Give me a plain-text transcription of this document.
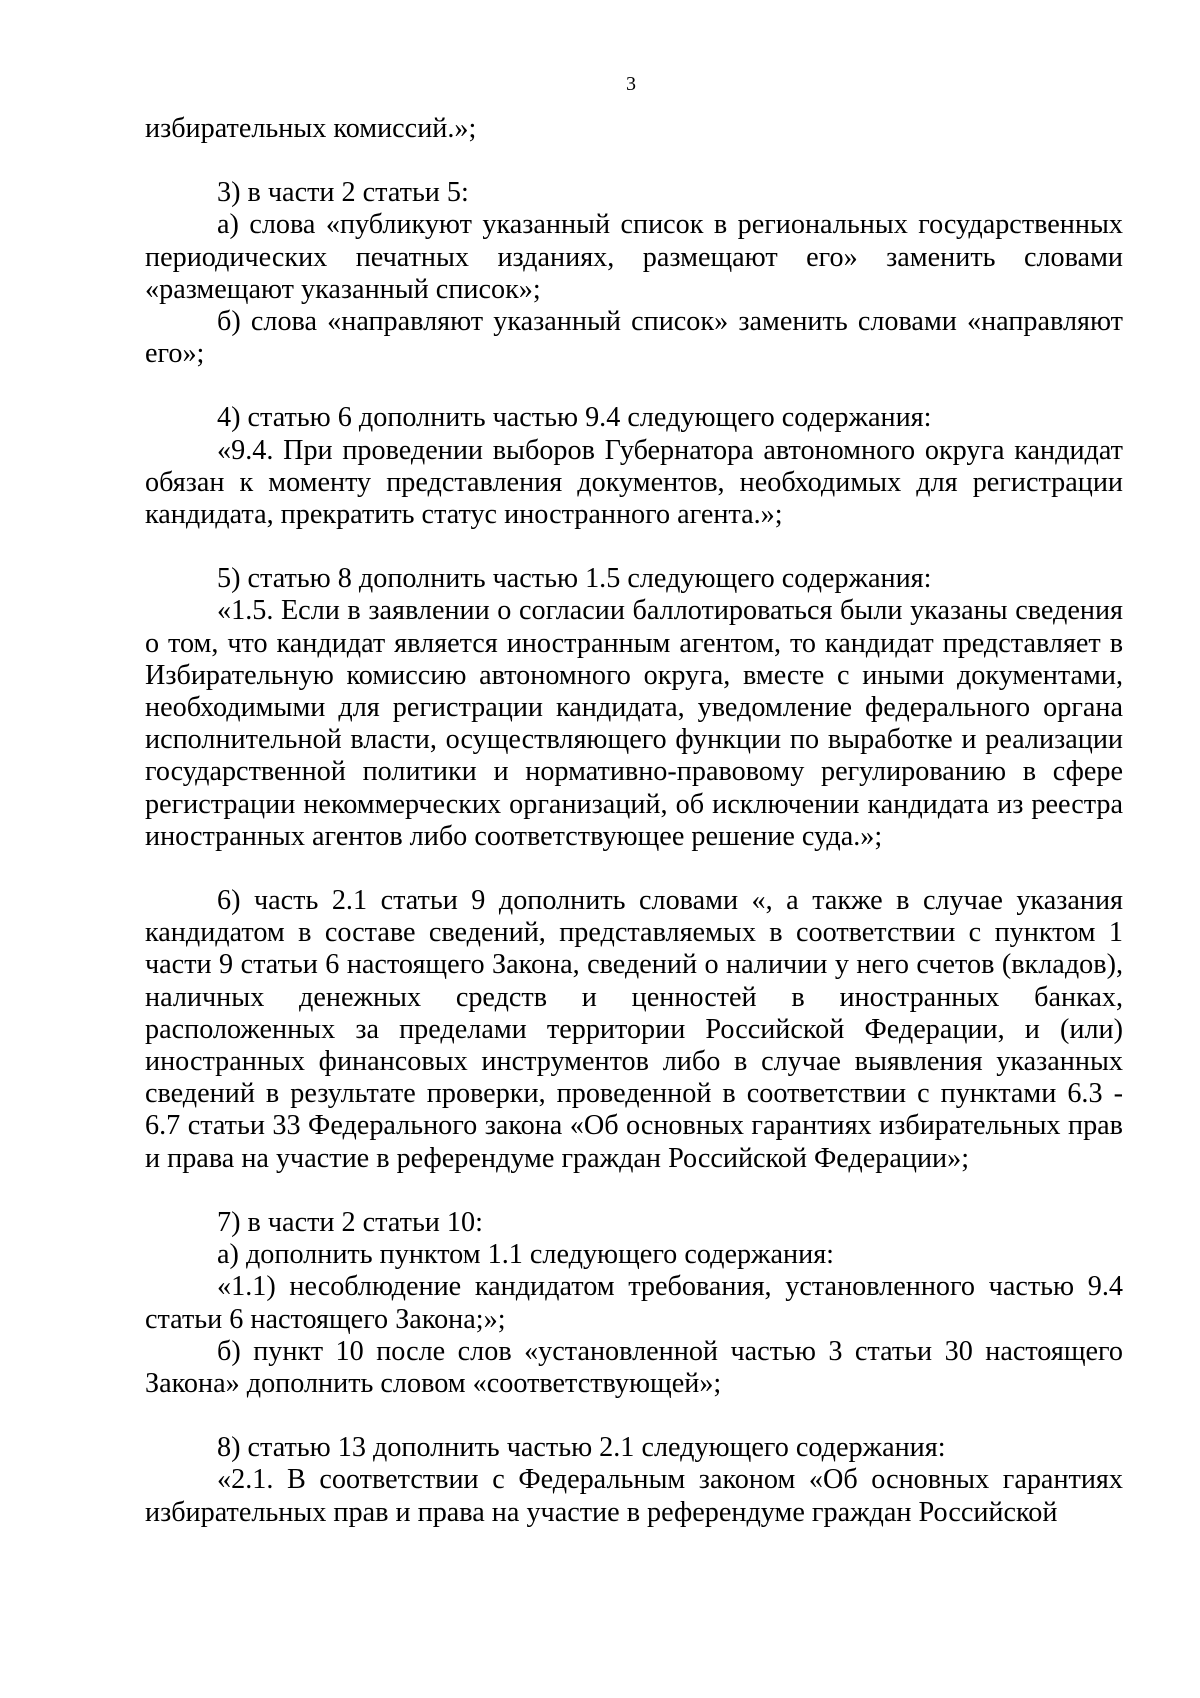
3

избирательных комиссий.»;

3) в части 2 статьи 5:

а) слова «публикуют указанный список в региональных государственных периодических печатных изданиях, размещают его» заменить словами «размещают указанный список»;

б) слова «направляют указанный список» заменить словами «направляют его»;

4) статью 6 дополнить частью 9.4 следующего содержания:

«9.4. При проведении выборов Губернатора автономного округа кандидат обязан к моменту представления документов, необходимых для регистрации кандидата, прекратить статус иностранного агента.»;

5) статью 8 дополнить частью 1.5 следующего содержания:

«1.5. Если в заявлении о согласии баллотироваться были указаны сведения о том, что кандидат является иностранным агентом, то кандидат представляет в Избирательную комиссию автономного округа, вместе с иными документами, необходимыми для регистрации кандидата, уведомление федерального органа исполнительной власти, осуществляющего функции по выработке и реализации государственной политики и нормативно-правовому регулированию в сфере регистрации некоммерческих организаций, об исключении кандидата из реестра иностранных агентов либо соответствующее решение суда.»;

6) часть 2.1 статьи 9 дополнить словами «, а также в случае указания кандидатом в составе сведений, представляемых в соответствии с пунктом 1 части 9 статьи 6 настоящего Закона, сведений о наличии у него счетов (вкладов), наличных денежных средств и ценностей в иностранных банках, расположенных за пределами территории Российской Федерации, и (или) иностранных финансовых инструментов либо в случае выявления указанных сведений в результате проверки, проведенной в соответствии с пунктами 6.3 - 6.7 статьи 33 Федерального закона «Об основных гарантиях избирательных прав и права на участие в референдуме граждан Российской Федерации»;

7) в части 2 статьи 10:

а) дополнить пунктом 1.1 следующего содержания:

«1.1) несоблюдение кандидатом требования, установленного частью 9.4 статьи 6 настоящего Закона;»;

б) пункт 10 после слов «установленной частью 3 статьи 30 настоящего Закона» дополнить словом «соответствующей»;

8) статью 13 дополнить частью 2.1 следующего содержания:

«2.1. В соответствии с Федеральным законом «Об основных гарантиях избирательных прав и права на участие в референдуме граждан Российской
